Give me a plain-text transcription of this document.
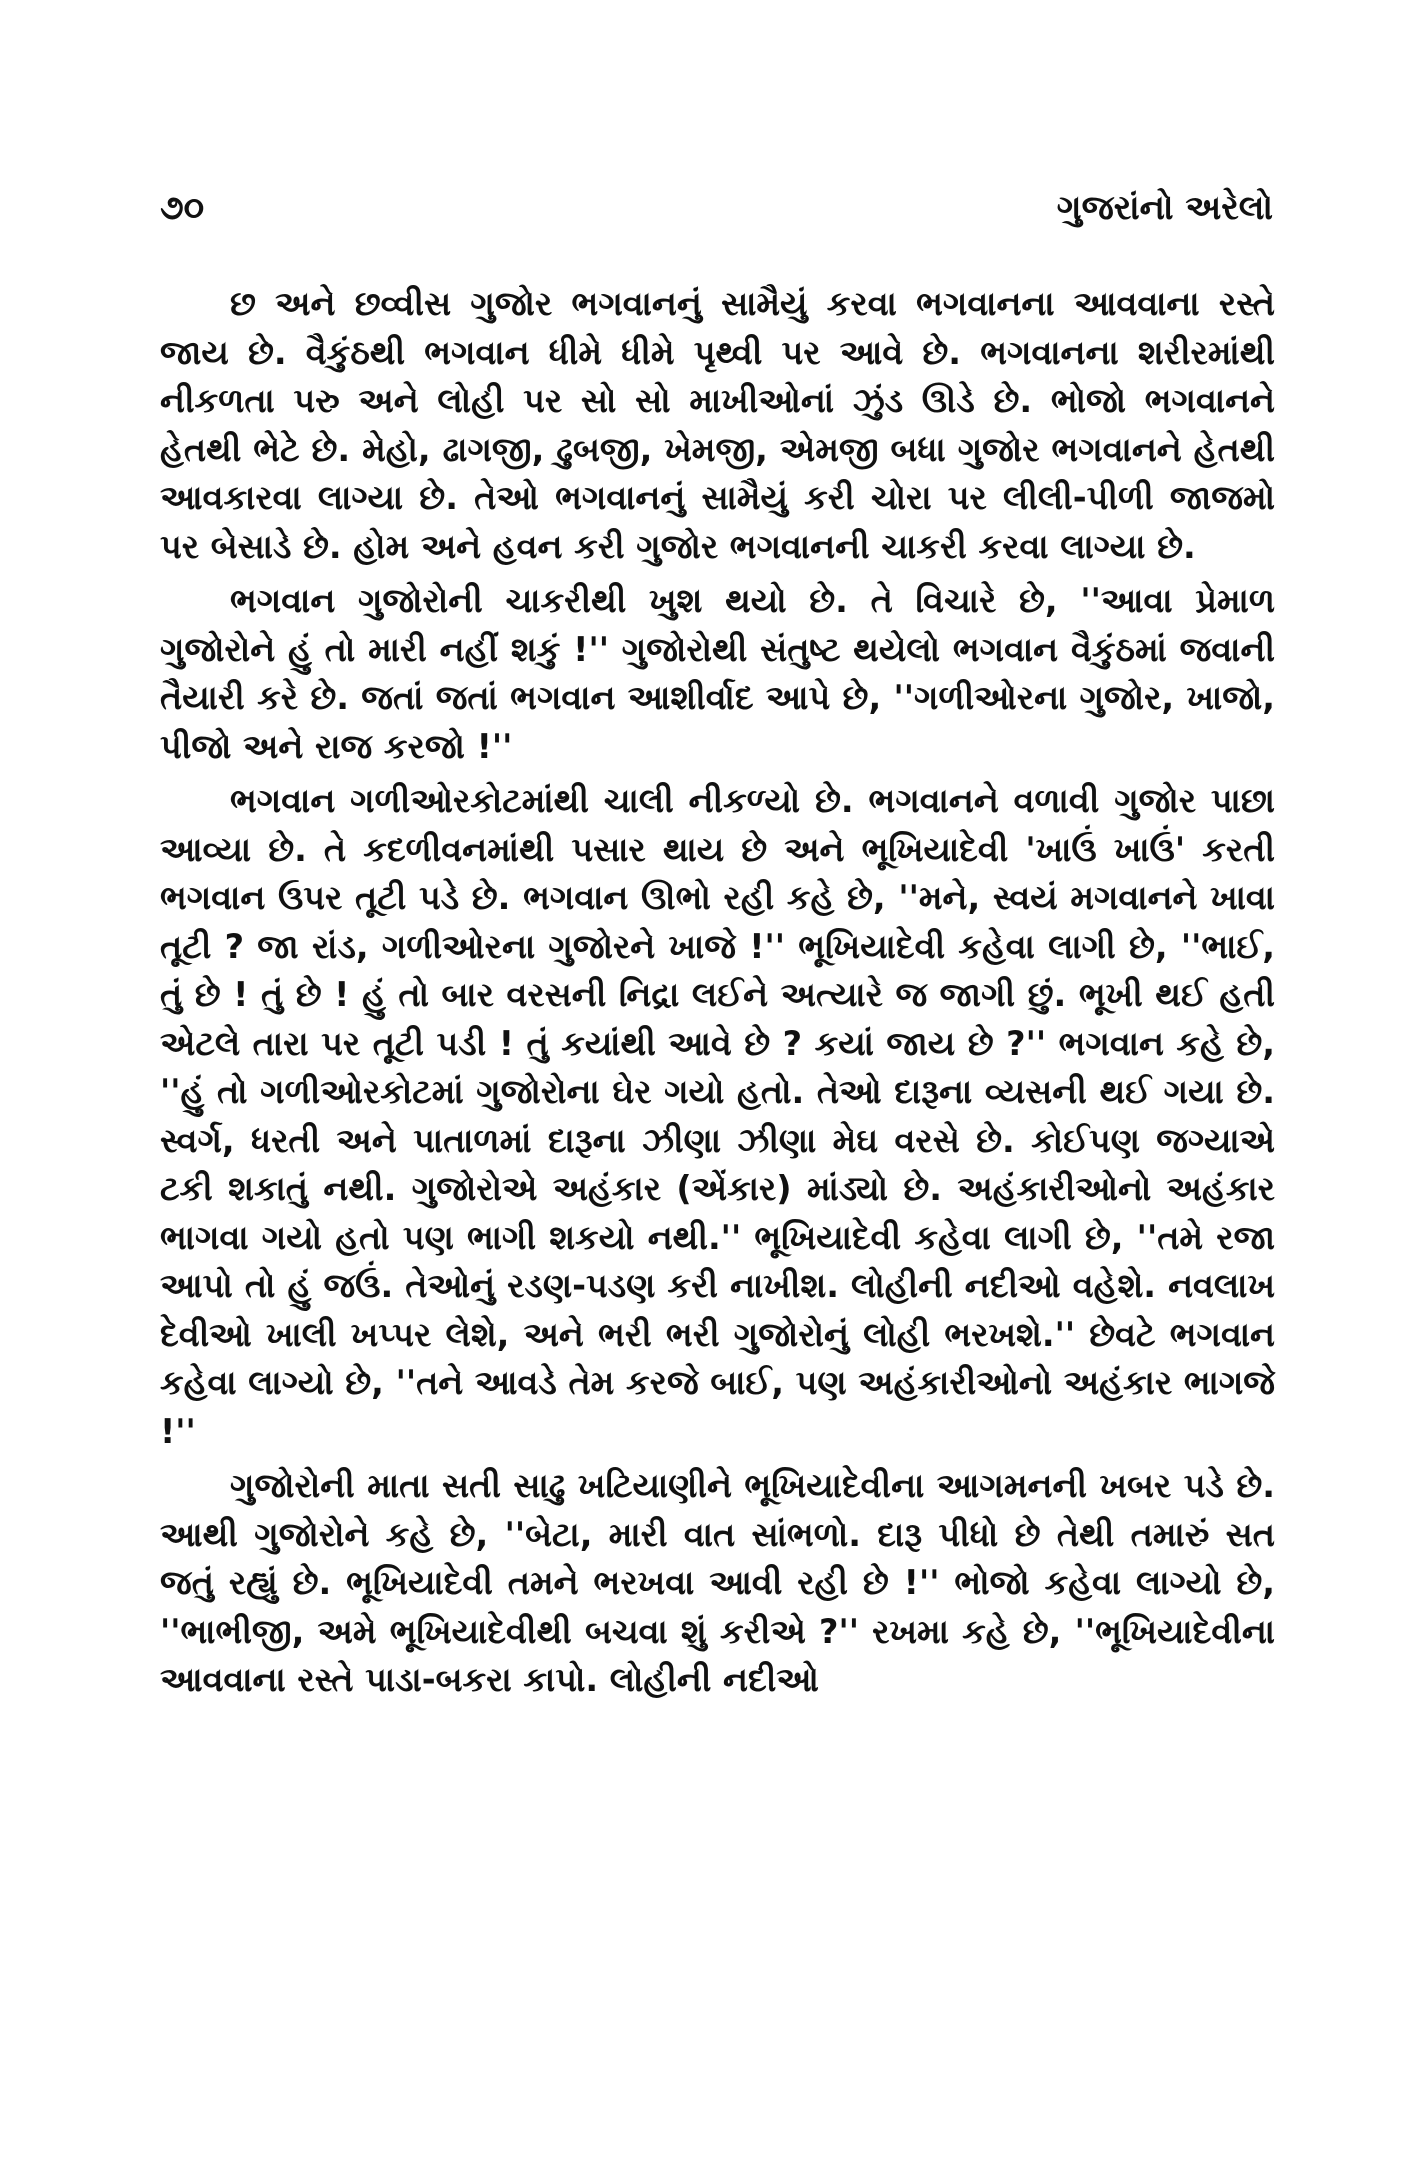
૭૦	ગુજરાંનો અરેલો

છ અને છવ્વીસ ગુજોર ભગવાનનું સામૈયું કરવા ભગવાનના આવવાના રસ્તે જાય છે. વૈકુંઠથી ભગવાન ધીમે ધીમે પૃથ્વી પર આવે છે. ભગવાનના શરીરમાંથી નીકળતા પરુ અને લોહી પર સો સો માખીઓનાં ઝુંડ ઊડે છે. ભોજો ભગવાનને હેતથી ભેટે છે. મેહો, ઢાગજી, ઢુબજી, ખેમજી, એમજી બધા ગુજોર ભગવાનને હેતથી આવકારવા લાગ્યા છે. તેઓ ભગવાનનું સામૈયું કરી ચોરા પર લીલી-પીળી જાજમો પર બેસાડે છે. હોમ અને હવન કરી ગુજોર ભગવાનની ચાકરી કરવા લાગ્યા છે.

ભગવાન ગુજોરોની ચાકરીથી ખુશ થયો છે. તે વિચારે છે, ''આવા પ્રેમાળ ગુજોરોને હું તો મારી નહીં શકું !'' ગુજોરોથી સંતુષ્ટ થયેલો ભગવાન વૈકુંઠમાં જવાની તૈયારી કરે છે. જતાં જતાં ભગવાન આશીર્વાદ આપે છે, ''ગળીઓરના ગુજોર, ખાજો, પીજો અને રાજ કરજો !''

ભગવાન ગળીઓરકોટમાંથી ચાલી નીકળ્યો છે. ભગવાનને વળાવી ગુજોર પાછા આવ્યા છે. તે કદળીવનમાંથી પસાર થાય છે અને ભૂખિયાદેવી 'ખાઉં ખાઉં' કરતી ભગવાન ઉપર તૂટી પડે છે. ભગવાન ઊભો રહી કહે છે, ''મને, સ્વયં મગવાનને ખાવા તૂટી ? જા રાંડ, ગળીઓરના ગુજોરને ખાજે !'' ભૂખિયાદેવી કહેવા લાગી છે, ''ભાઈ, તું છે ! તું છે ! હું તો બાર વરસની નિદ્રા લઈને અત્યારે જ જાગી છું. ભૂખી થઈ હતી એટલે તારા પર તૂટી પડી ! તું કયાંથી આવે છે ? કયાં જાય છે ?'' ભગવાન કહે છે, ''હું તો ગળીઓરકોટમાં ગુજોરોના ઘેર ગયો હતો. તેઓ દારૂના વ્યસની થઈ ગયા છે. સ્વર્ગ, ધરતી અને પાતાળમાં દારૂના ઝીણા ઝીણા મેઘ વરસે છે. કોઈપણ જગ્યાએ ટકી શકાતું નથી. ગુજોરોએ અહંકાર (એંકાર) માંડ્યો છે. અહંકારીઓનો અહંકાર ભાગવા ગયો હતો પણ ભાગી શકયો નથી.'' ભૂખિયાદેવી કહેવા લાગી છે, ''તમે રજા આપો તો હું જઉં. તેઓનું રડણ-પડણ કરી નાખીશ. લોહીની નદીઓ વહેશે. નવલાખ દેવીઓ ખાલી ખપ્પર લેશે, અને ભરી ભરી ગુજોરોનું લોહી ભરખશે.'' છેવટે ભગવાન કહેવા લાગ્યો છે, ''તને આવડે તેમ કરજે બાઈ, પણ અહંકારીઓનો અહંકાર ભાગજે !''

ગુજોરોની માતા સતી સાઢુ ખટિયાણીને ભૂખિયાદેવીના આગમનની ખબર પડે છે. આથી ગુજોરોને કહે છે, ''બેટા, મારી વાત સાંભળો. દારૂ પીધો છે તેથી તમારું સત જતું રહ્યું છે. ભૂખિયાદેવી તમને ભરખવા આવી રહી છે !'' ભોજો કહેવા લાગ્યો છે, ''ભાભીજી, અમે ભૂખિયાદેવીથી બચવા શું કરીએ ?'' રખમા કહે છે, ''ભૂખિયાદેવીના આવવાના રસ્તે પાડા-બકરા કાપો. લોહીની નદીઓ
